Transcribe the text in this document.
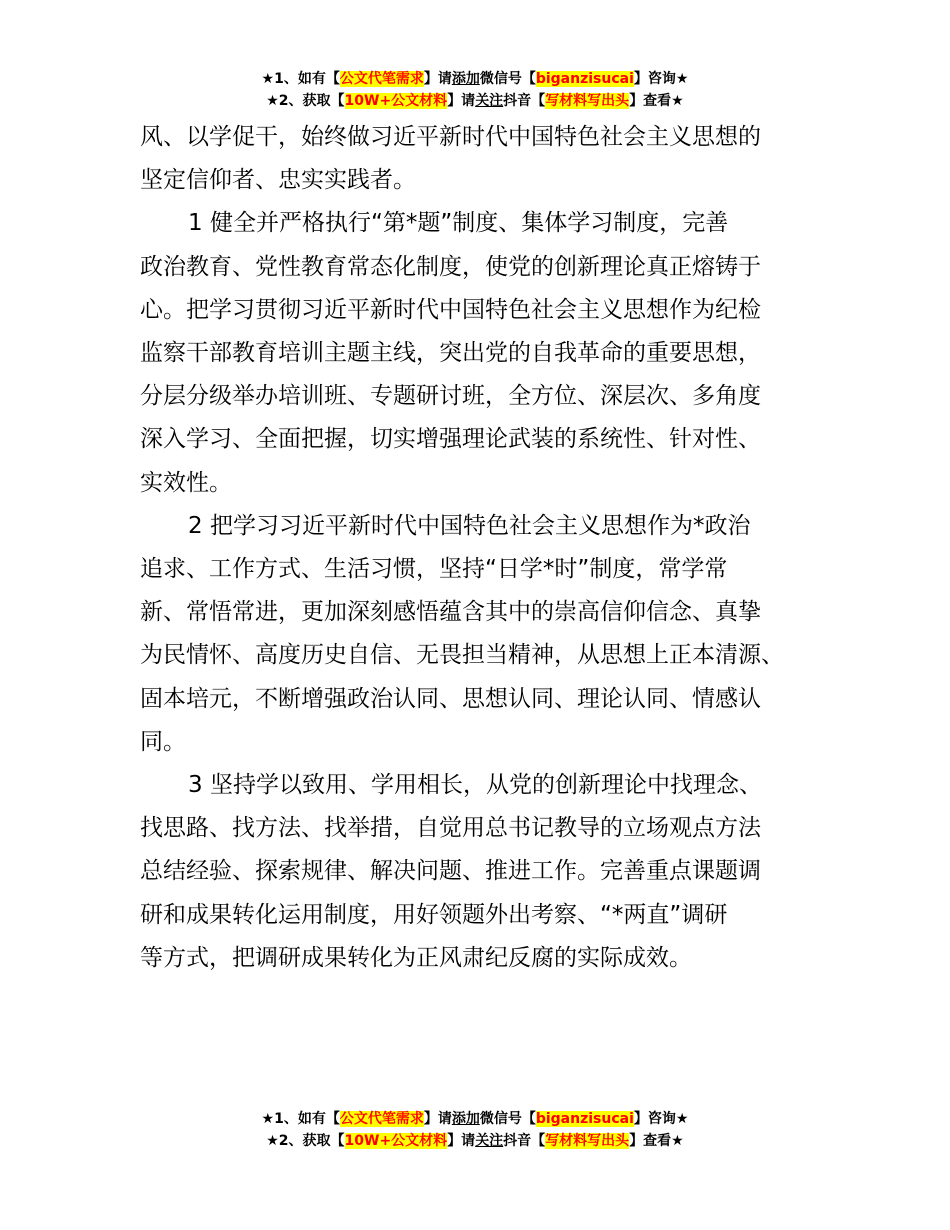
★1、如有【公文代笔需求】请添加微信号【biganzisucai】咨询★
★2、获取【10W+公文材料】请关注抖音【写材料写出头】查看★
风、以学促干，始终做习近平新时代中国特色社会主义思想的
坚定信仰者、忠实实践者。
1 健全并严格执行“第*题”制度、集体学习制度，完善
政治教育、党性教育常态化制度，使党的创新理论真正熔铸于
心。把学习贯彻习近平新时代中国特色社会主义思想作为纪检
监察干部教育培训主题主线，突出党的自我革命的重要思想，
分层分级举办培训班、专题研讨班，全方位、深层次、多角度
深入学习、全面把握，切实增强理论武装的系统性、针对性、
实效性。
2 把学习习近平新时代中国特色社会主义思想作为*政治
追求、工作方式、生活习惯，坚持“日学*时”制度，常学常
新、常悟常进，更加深刻感悟蕴含其中的崇高信仰信念、真挚
为民情怀、高度历史自信、无畏担当精神，从思想上正本清源、
固本培元，不断增强政治认同、思想认同、理论认同、情感认
同。
3 坚持学以致用、学用相长，从党的创新理论中找理念、
找思路、找方法、找举措，自觉用总书记教导的立场观点方法
总结经验、探索规律、解决问题、推进工作。完善重点课题调
研和成果转化运用制度，用好领题外出考察、“*两直”调研
等方式，把调研成果转化为正风肃纪反腐的实际成效。
★1、如有【公文代笔需求】请添加微信号【biganzisucai】咨询★
★2、获取【10W+公文材料】请关注抖音【写材料写出头】查看★
